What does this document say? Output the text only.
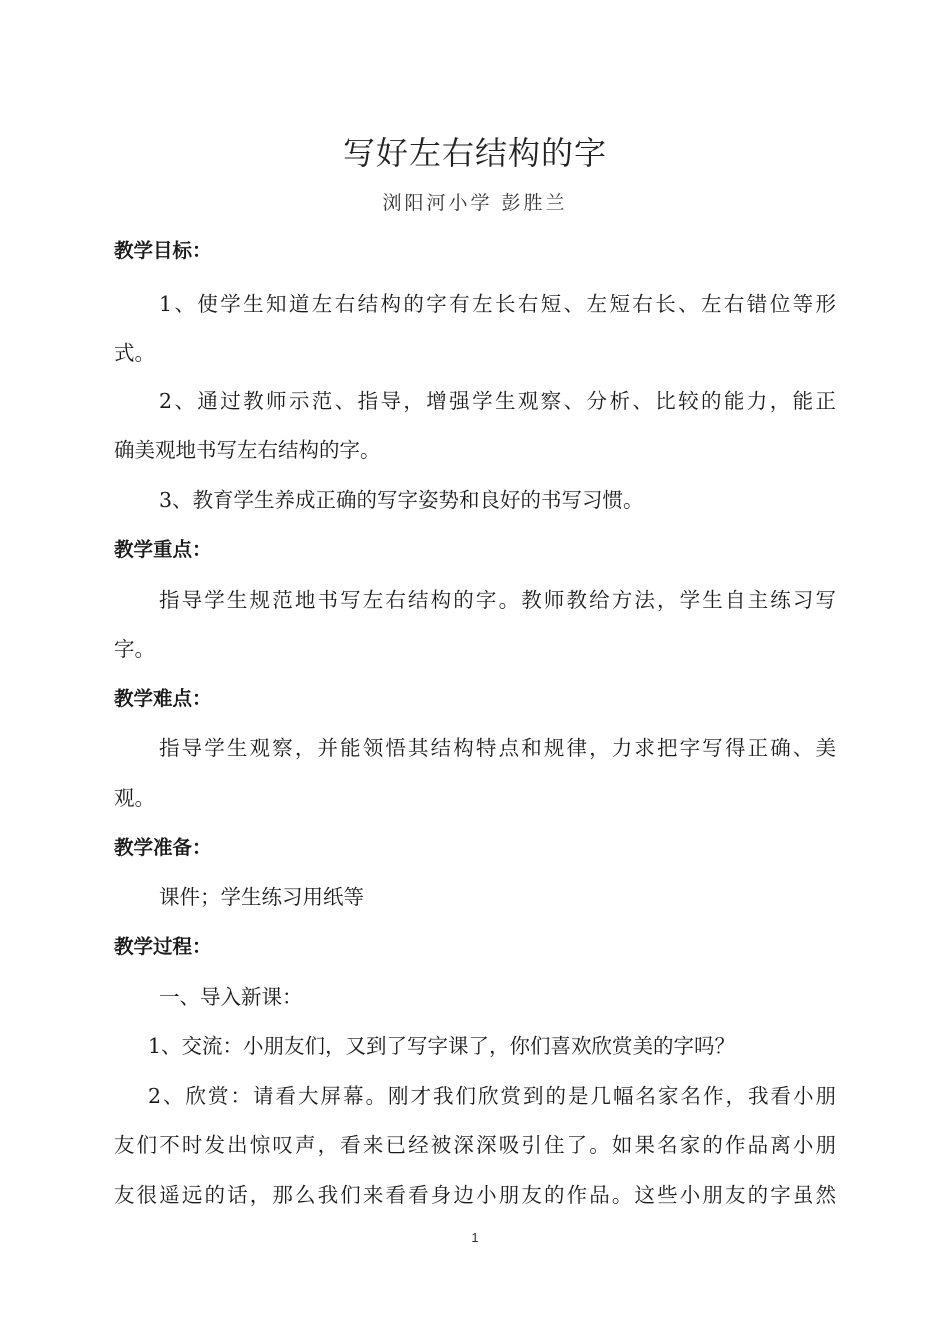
写好左右结构的字
浏阳河小学 彭胜兰
教学目标：
1、使学生知道左右结构的字有左长右短、左短右长、左右错位等形
式。
2、通过教师示范、指导，增强学生观察、分析、比较的能力，能正
确美观地书写左右结构的字。
3、教育学生养成正确的写字姿势和良好的书写习惯。
教学重点：
指导学生规范地书写左右结构的字。教师教给方法，学生自主练习写
字。
教学难点：
指导学生观察，并能领悟其结构特点和规律，力求把字写得正确、美
观。
教学准备：
课件；学生练习用纸等
教学过程：
一、导入新课：
1、交流：小朋友们，又到了写字课了，你们喜欢欣赏美的字吗？
2、欣赏：请看大屏幕。刚才我们欣赏到的是几幅名家名作，我看小朋
友们不时发出惊叹声，看来已经被深深吸引住了。如果名家的作品离小朋
友很遥远的话，那么我们来看看身边小朋友的作品。这些小朋友的字虽然
1
